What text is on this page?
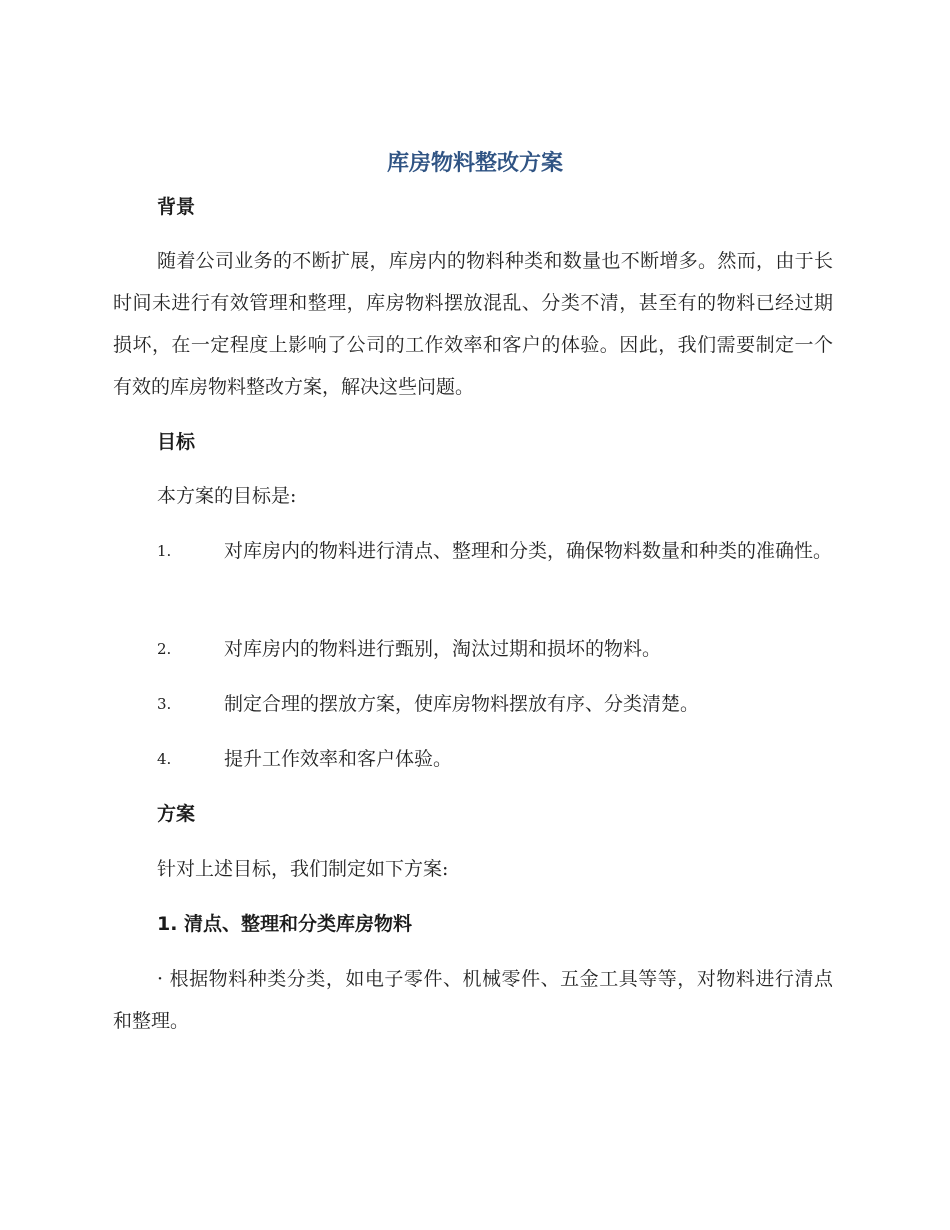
库房物料整改方案
背景

随着公司业务的不断扩展，库房内的物料种类和数量也不断增多。然而，由于长时间未进行有效管理和整理，库房物料摆放混乱、分类不清，甚至有的物料已经过期损坏，在一定程度上影响了公司的工作效率和客户的体验。因此，我们需要制定一个有效的库房物料整改方案，解决这些问题。

目标

本方案的目标是:

1.	对库房内的物料进行清点、整理和分类，确保物料数量和种类的准确性。
2.	对库房内的物料进行甄别，淘汰过期和损坏的物料。
3.	制定合理的摆放方案，使库房物料摆放有序、分类清楚。
4.	提升工作效率和客户体验。
方案

针对上述目标，我们制定如下方案:

1. 清点、整理和分类库房物料

· 根据物料种类分类，如电子零件、机械零件、五金工具等等，对物料进行清点和整理。
